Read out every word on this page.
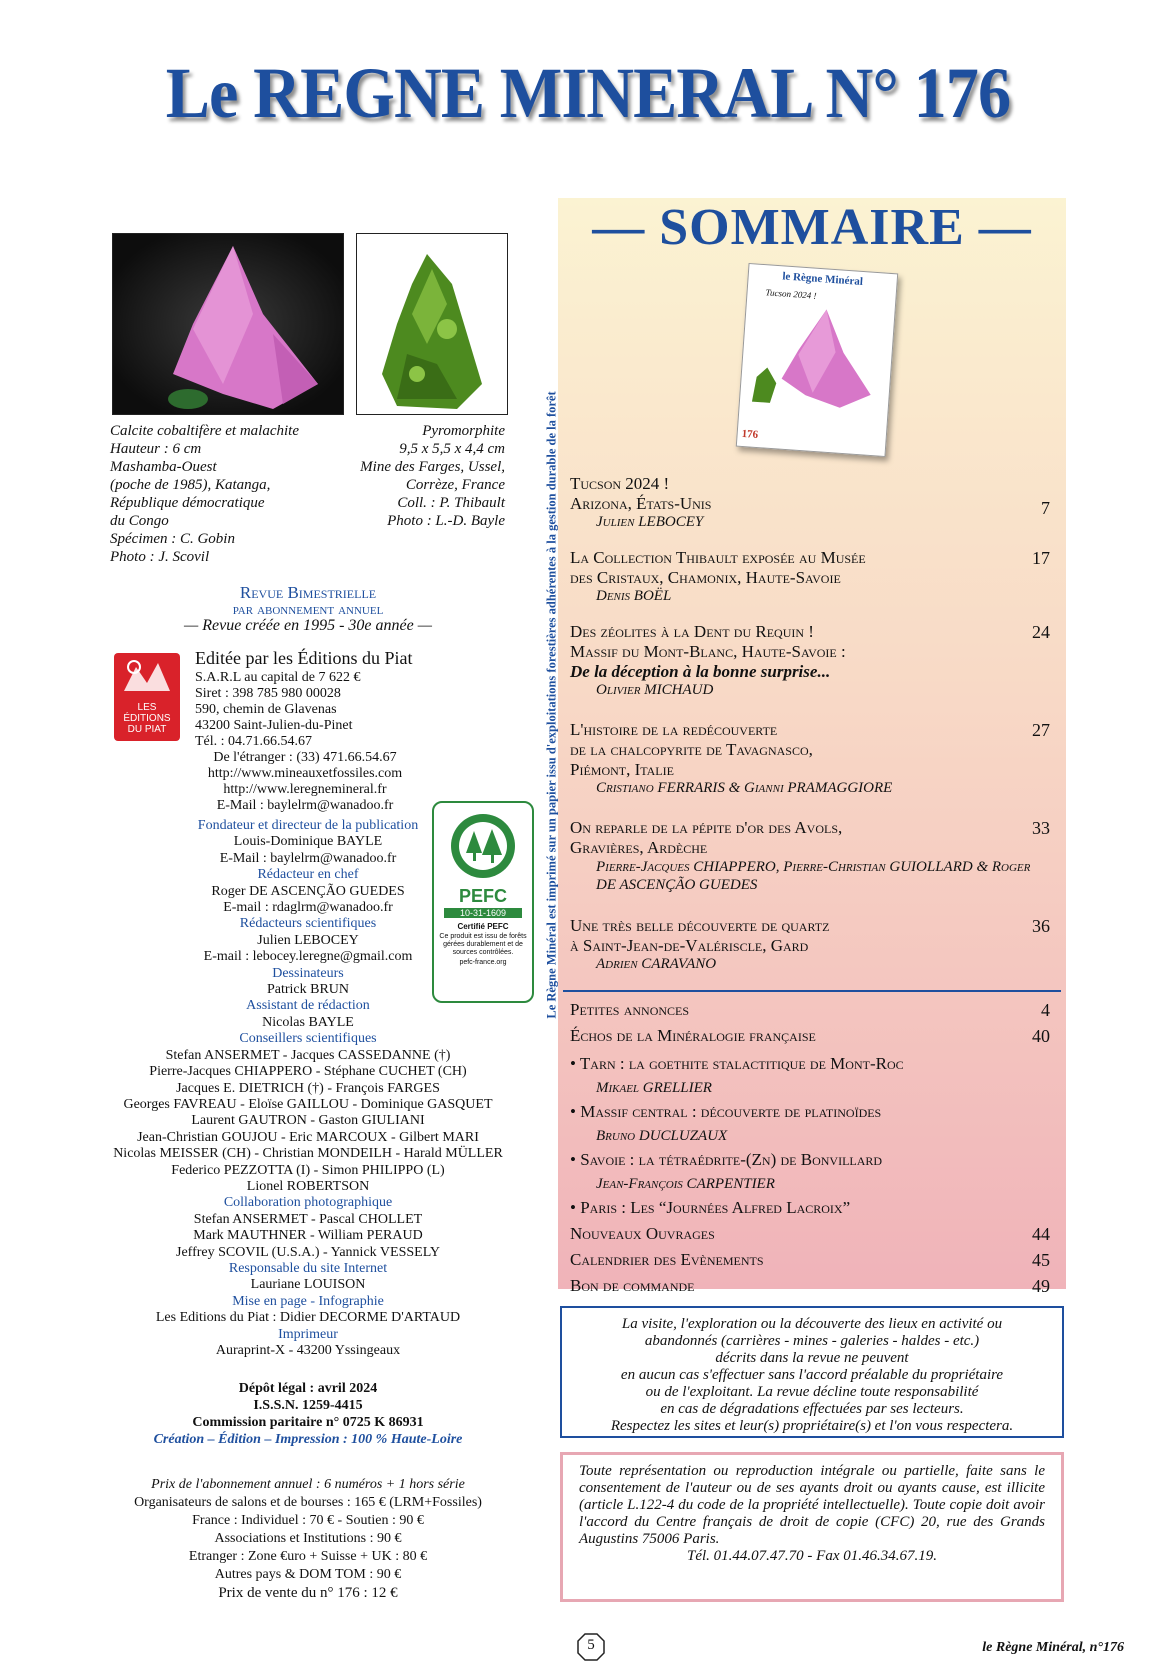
Le REGNE MINERAL N° 176
Calcite cobaltifère et malachite
Hauteur : 6 cm
Mashamba-Ouest
(poche de 1985), Katanga,
République démocratique
du Congo
Spécimen : C. Gobin
Photo : J. Scovil
Pyromorphite
9,5 x 5,5 x 4,4 cm
Mine des Farges, Ussel,
Corrèze, France
Coll. : P. Thibault
Photo : L.-D. Bayle
Revue Bimestrielle
par abonnement annuel
— Revue créée en 1995 - 30e année —
LES ÉDITIONS DU PIAT
Editée par les Éditions du Piat
S.A.R.L au capital de 7 622 €
Siret : 398 785 980 00028
590, chemin de Glavenas
43200 Saint-Julien-du-Pinet
Tél. : 04.71.66.54.67
De l'étranger : (33) 471.66.54.67
http://www.mineauxetfossiles.com
http://www.leregnemineral.fr
E-Mail : baylelrm@wanadoo.fr
Fondateur et directeur de la publication
Louis-Dominique BAYLE
E-Mail : baylelrm@wanadoo.fr
Rédacteur en chef
Roger DE ASCENÇÃO GUEDES
E-mail : rdaglrm@wanadoo.fr
Rédacteurs scientifiques
Julien LEBOCEY
E-mail : lebocey.leregne@gmail.com
Dessinateurs
Patrick BRUN
Assistant de rédaction
Nicolas BAYLE
Conseillers scientifiques
Stefan ANSERMET - Jacques CASSEDANNE (†)
Pierre-Jacques CHIAPPERO - Stéphane CUCHET (CH)
Jacques E. DIETRICH (†) - François FARGES
Georges FAVREAU - Eloïse GAILLOU - Dominique GASQUET
Laurent GAUTRON - Gaston GIULIANI
Jean-Christian GOUJOU - Eric MARCOUX - Gilbert MARI
Nicolas MEISSER (CH) - Christian MONDEILH - Harald MÜLLER
Federico PEZZOTTA (I) - Simon PHILIPPO (L)
Lionel ROBERTSON
Collaboration photographique
Stefan ANSERMET - Pascal CHOLLET
Mark MAUTHNER - William PERAUD
Jeffrey SCOVIL (U.S.A.) - Yannick VESSELY
Responsable du site Internet
Lauriane LOUISON
Mise en page - Infographie
Les Editions du Piat : Didier DECORME D'ARTAUD
Imprimeur
Auraprint-X - 43200 Yssingeaux
Dépôt légal : avril 2024
I.S.S.N. 1259-4415
Commission paritaire n° 0725 K 86931
Création – Édition – Impression : 100 % Haute-Loire
Prix de l'abonnement annuel : 6 numéros + 1 hors série
Organisateurs de salons et de bourses : 165 € (LRM+Fossiles)
France : Individuel : 70 € - Soutien : 90 €
Associations et Institutions : 90 €
Etranger : Zone €uro + Suisse + UK : 80 €
Autres pays & DOM TOM : 90 €
Prix de vente du n° 176 : 12 €
PEFC
10-31-1609
Certifié PEFC
Ce produit est issu de forêts gérées durablement et de sources contrôlées.
pefc-france.org	Le Règne Minéral est imprimé sur un papier issu d'exploitations forestières adhérentes à la gestion durable de la forêt
— SOMMAIRE —
le Règne Minéral
Tucson 2024 !
176
Tucson 2024 !
Arizona, États-Unis
Julien LEBOCEY
7
La Collection Thibault exposée au Musée
des Cristaux, Chamonix, Haute-Savoie
Denis BOËL
17
Des zéolites à la Dent du Requin !
Massif du Mont-Blanc, Haute-Savoie :
De la déception à la bonne surprise...
Olivier MICHAUD
24
L'histoire de la redécouverte
de la chalcopyrite de Tavagnasco,
Piémont, Italie
Cristiano FERRARIS & Gianni PRAMAGGIORE
27
On reparle de la pépite d'or des Avols,
Gravières, Ardèche
Pierre-Jacques CHIAPPERO, Pierre-Christian GUIOLLARD & Roger DE ASCENÇÃO GUEDES
33
Une très belle découverte de quartz
à Saint-Jean-de-Valériscle, Gard
Adrien CARAVANO
36
Petites annonces	4
Échos de la Minéralogie française	40
• Tarn : la goethite stalactitique de Mont-Roc
Mikael GRELLIER
• Massif central : découverte de platinoïdes
Bruno DUCLUZAUX
• Savoie : la tétraédrite-(Zn) de Bonvillard
Jean-François CARPENTIER
• Paris : Les “Journées Alfred Lacroix”
Nouveaux Ouvrages	44
Calendrier des Evènements	45
Bon de commande	49
La visite, l'exploration ou la découverte des lieux en activité ou
abandonnés (carrières - mines - galeries - haldes - etc.)
décrits dans la revue ne peuvent
en aucun cas s'effectuer sans l'accord préalable du propriétaire
ou de l'exploitant. La revue décline toute responsabilité
en cas de dégradations effectuées par ses lecteurs.
Respectez les sites et leur(s) propriétaire(s) et l'on vous respectera.
Toute représentation ou reproduction intégrale ou partielle, faite sans le consentement de l'auteur ou de ses ayants droit ou ayants cause, est illicite (article L.122-4 du code de la propriété intellectuelle). Toute copie doit avoir l'accord du Centre français de droit de copie (CFC) 20, rue des Grands Augustins 75006 Paris.
Tél. 01.44.07.47.70 - Fax 01.46.34.67.19.
5	le Règne Minéral, n°176
